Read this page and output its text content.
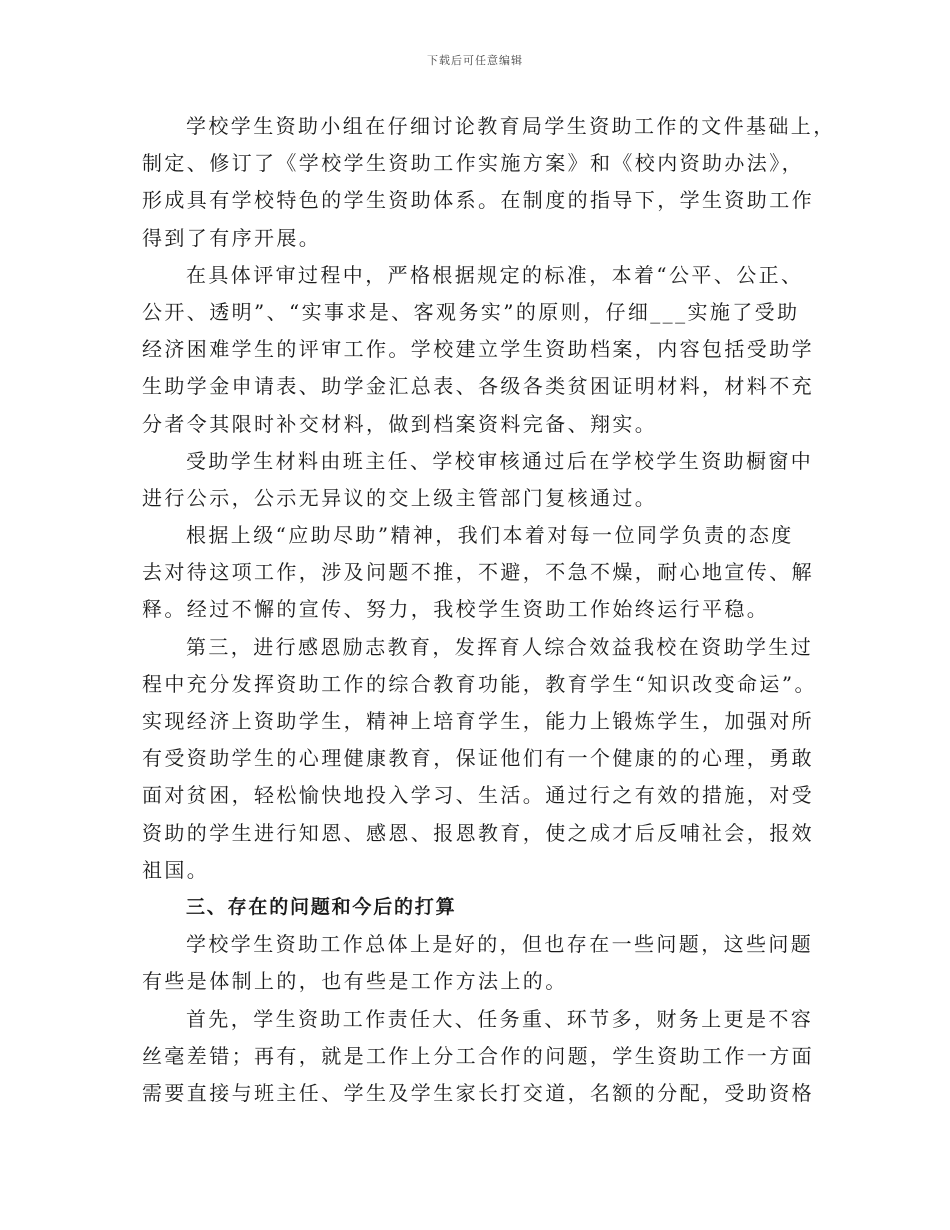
下载后可任意编辑
学校学生资助小组在仔细讨论教育局学生资助工作的文件基础上，
制定、修订了《学校学生资助工作实施方案》和《校内资助办法》，
形成具有学校特色的学生资助体系。在制度的指导下，学生资助工作
得到了有序开展。
在具体评审过程中，严格根据规定的标准，本着“公平、公正、
公开、透明”、“实事求是、客观务实”的原则，仔细___实施了受助
经济困难学生的评审工作。学校建立学生资助档案，内容包括受助学
生助学金申请表、助学金汇总表、各级各类贫困证明材料，材料不充
分者令其限时补交材料，做到档案资料完备、翔实。
受助学生材料由班主任、学校审核通过后在学校学生资助橱窗中
进行公示，公示无异议的交上级主管部门复核通过。
根据上级“应助尽助”精神，我们本着对每一位同学负责的态度
去对待这项工作，涉及问题不推，不避，不急不燥，耐心地宣传、解
释。经过不懈的宣传、努力，我校学生资助工作始终运行平稳。
第三，进行感恩励志教育，发挥育人综合效益我校在资助学生过
程中充分发挥资助工作的综合教育功能，教育学生“知识改变命运”。
实现经济上资助学生，精神上培育学生，能力上锻炼学生，加强对所
有受资助学生的心理健康教育，保证他们有一个健康的的心理，勇敢
面对贫困，轻松愉快地投入学习、生活。通过行之有效的措施，对受
资助的学生进行知恩、感恩、报恩教育，使之成才后反哺社会，报效
祖国。
三、存在的问题和今后的打算
学校学生资助工作总体上是好的，但也存在一些问题，这些问题
有些是体制上的，也有些是工作方法上的。
首先，学生资助工作责任大、任务重、环节多，财务上更是不容
丝毫差错；再有，就是工作上分工合作的问题，学生资助工作一方面
需要直接与班主任、学生及学生家长打交道，名额的分配，受助资格
